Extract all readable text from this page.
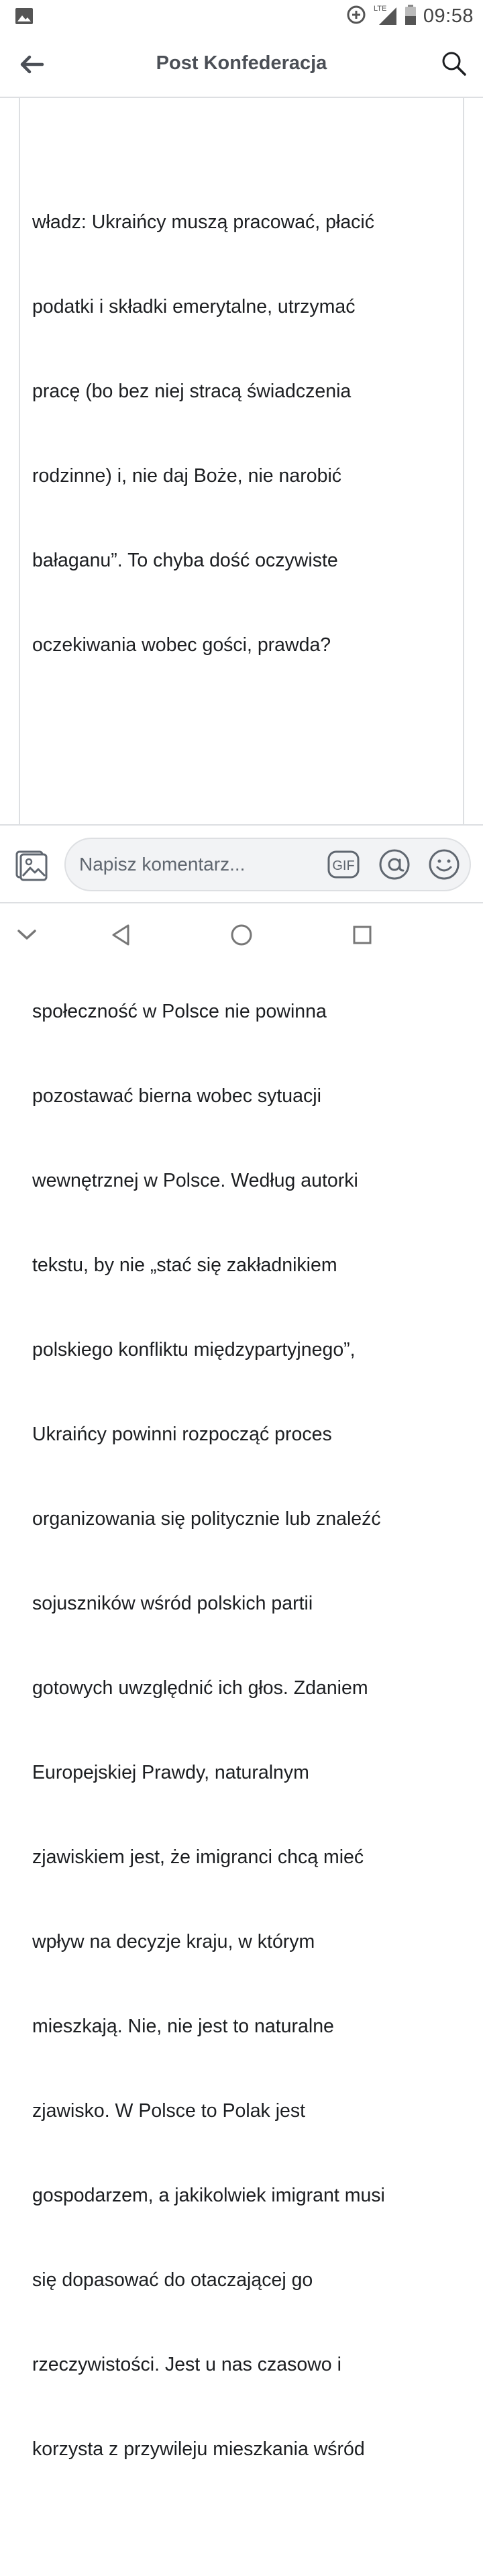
LTE 09:58
Post Konfederacja

władz: Ukraińcy muszą pracować, płacić

podatki i składki emerytalne, utrzymać

pracę (bo bez niej stracą świadczenia

rodzinne) i, nie daj Boże, nie narobić

bałaganu”. To chyba dość oczywiste

oczekiwania wobec gości, prawda?

społeczność w Polsce nie powinna

pozostawać bierna wobec sytuacji

wewnętrznej w Polsce. Według autorki

tekstu, by nie „stać się zakładnikiem

polskiego konfliktu międzypartyjnego”,

Ukraińcy powinni rozpocząć proces

organizowania się politycznie lub znaleźć

sojuszników wśród polskich partii

gotowych uwzględnić ich głos. Zdaniem

Europejskiej Prawdy, naturalnym

zjawiskiem jest, że imigranci chcą mieć

wpływ na decyzje kraju, w którym

mieszkają. Nie, nie jest to naturalne

zjawisko. W Polsce to Polak jest

gospodarzem, a jakikolwiek imigrant musi

się dopasować do otaczającej go

rzeczywistości. Jest u nas czasowo i

korzysta z przywileju mieszkania wśród

Napisz komentarz...	GIF
